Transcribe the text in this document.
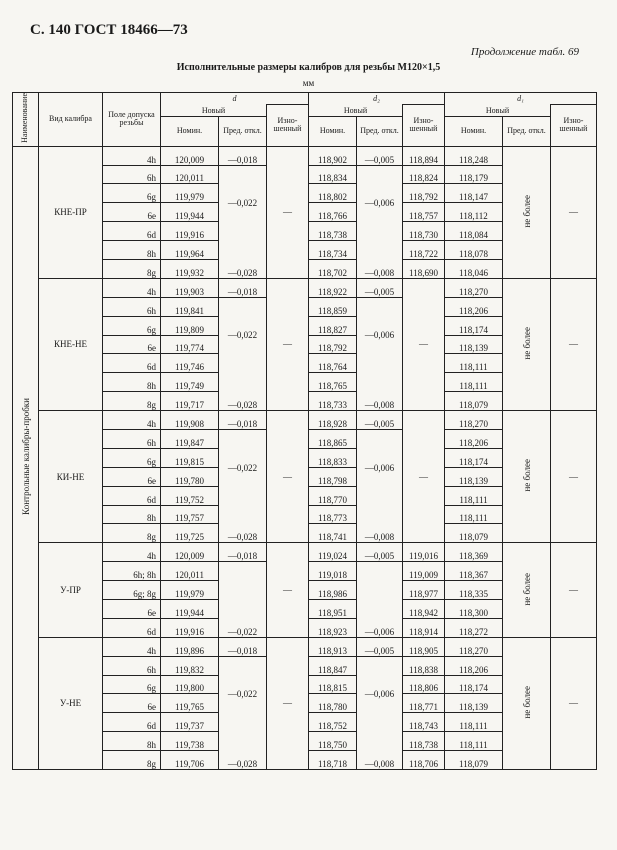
С. 140 ГОСТ 18466—73
Продолжение табл. 69
Исполнительные размеры калибров для резьбы М120×1,5
мм
Наименование	Вид калибра	Поле допуска резьбы	d			d₂			d₁		
			Новый		Изно-шенный	Новый		Изно-шенный	Новый		Изно-шенный
			Номин.	Пред. откл.		Номин.	Пред. откл.		Номин.	Пред. откл.	
Контрольные калибры-пробки	КНЕ-ПР	4h	120,009	—0,018	—	118,902	—0,005	118,894	118,248	не более	—
		6h	120,011	—0,022		118,834	—0,006	118,824	118,179		
		6g	119,979			118,802		118,792	118,147		
		6e	119,944			118,766		118,757	118,112		
		6d	119,916			118,738		118,730	118,084		
		8h	119,964	—0,028		118,734	—0,008	118,722	118,078		
		8g	119,932			118,702		118,690	118,046		
	КНЕ-НЕ	4h	119,903	—0,018	—	118,922	—0,005	—	118,270	не более	—
		6h	119,841	—0,022		118,859	—0,006		118,206		
		6g	119,809			118,827			118,174		
		6e	119,774			118,792			118,139		
		6d	119,746			118,764			118,111		
		8h	119,749	—0,028		118,765	—0,008		118,111		
		8g	119,717			118,733			118,079		
	КИ-НЕ	4h	119,908	—0,018	—	118,928	—0,005	—	118,270	не более	—
		6h	119,847	—0,022		118,865	—0,006		118,206		
		6g	119,815			118,833			118,174		
		6e	119,780			118,798			118,139		
		6d	119,752			118,770			118,111		
		8h	119,757	—0,028		118,773	—0,008		118,111		
		8g	119,725			118,741			118,079		
	У-ПР	4h	120,009	—0,018	—	119,024	—0,005	119,016	118,369	не более	—
		6h; 8h	120,011	—0,022		119,018	—0,006	119,009	118,367		
		6g; 8g	119,979			118,986		118,977	118,335		
		6e	119,944			118,951		118,942	118,300		
		6d	119,916			118,923		118,914	118,272		
	У-НЕ	4h	119,896	—0,018	—	118,913	—0,005	118,905	118,270	не более	—
		6h	119,832	—0,022		118,847	—0,006	118,838	118,206		
		6g	119,800			118,815		118,806	118,174		
		6e	119,765			118,780		118,771	118,139		
		6d	119,737			118,752		118,743	118,111		
		8h	119,738	—0,028		118,750	—0,008	118,738	118,111		
		8g	119,706			118,718		118,706	118,079		
